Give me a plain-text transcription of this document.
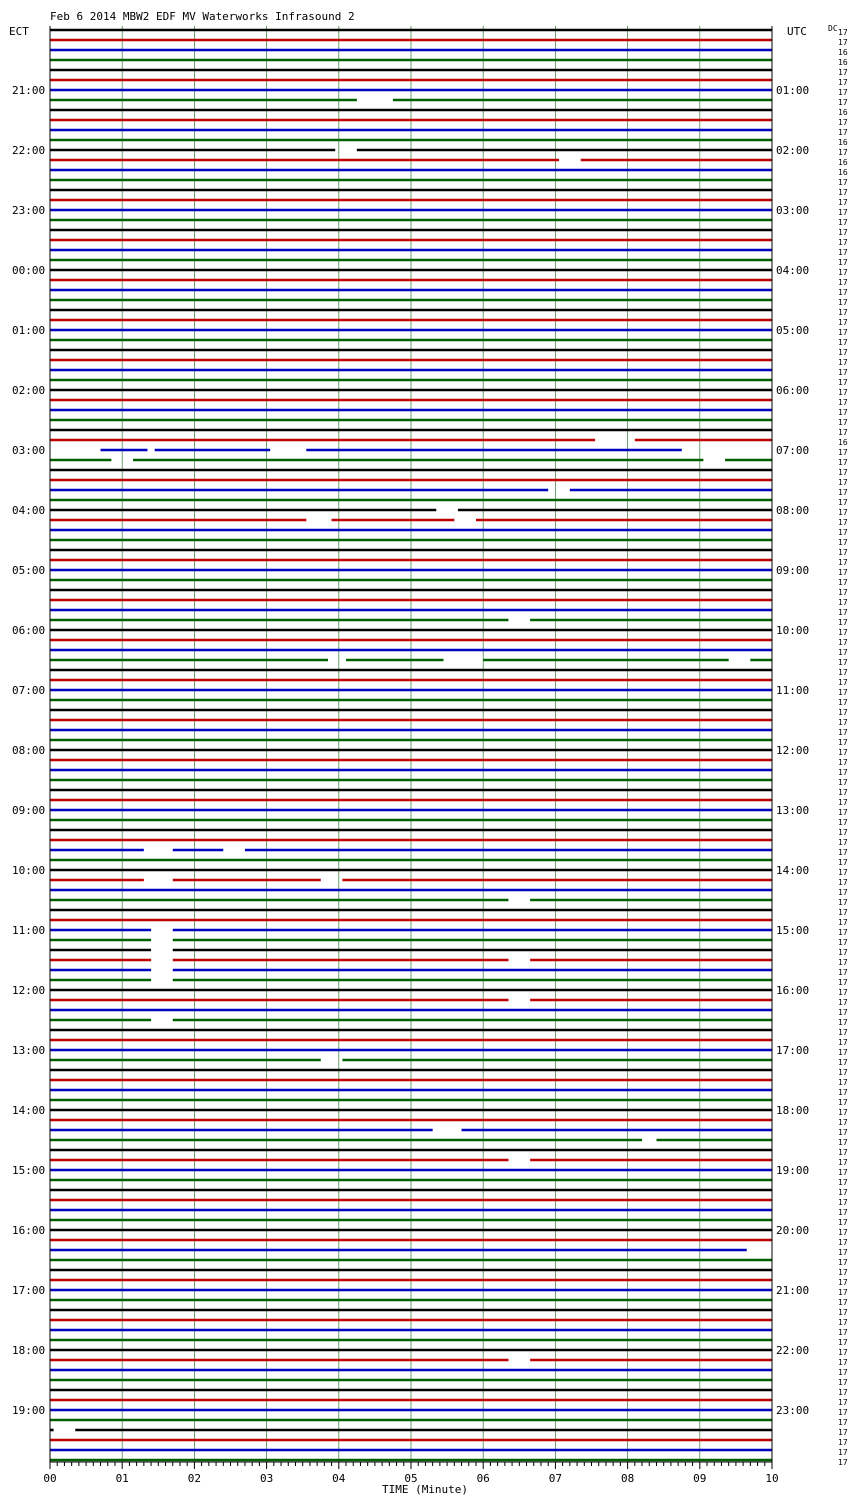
Feb 6 2014 MBW2 EDF MV Waterworks Infrasound 2
ECT	UTC	DC
21:00
22:00
23:00
00:00
01:00
02:00
03:00
04:00
05:00
06:00
07:00
08:00
09:00
10:00
11:00
12:00
13:00
14:00
15:00
16:00
17:00
18:00
19:00
01:00
02:00
03:00
04:00
05:00
06:00
07:00
08:00
09:00
10:00
11:00
12:00
13:00
14:00
15:00
16:00
17:00
18:00
19:00
20:00
21:00
22:00
23:00
17
17
16
16
17
17
17
17
16
17
17
16
17
16
16
17
17
17
17
17
17
17
17
17
17
17
17
17
17
17
17
17
17
17
17
17
17
17
17
17
17
16
17
17
17
17
17
17
17
17
17
17
17
17
17
17
17
17
17
17
17
17
17
17
17
17
17
17
17
17
17
17
17
17
17
17
17
17
17
17
17
17
17
17
17
17
17
17
17
17
17
17
17
17
17
17
17
17
17
17
17
17
17
17
17
17
17
17
17
17
17
17
17
17
17
17
17
17
17
17
17
17
17
17
17
17
17
17
17
17
17
17
17
17
17
17
17
17
17
17
17
17
17
17
00	01	02	03	04	05	06	07	08	09	10
TIME (Minute)
